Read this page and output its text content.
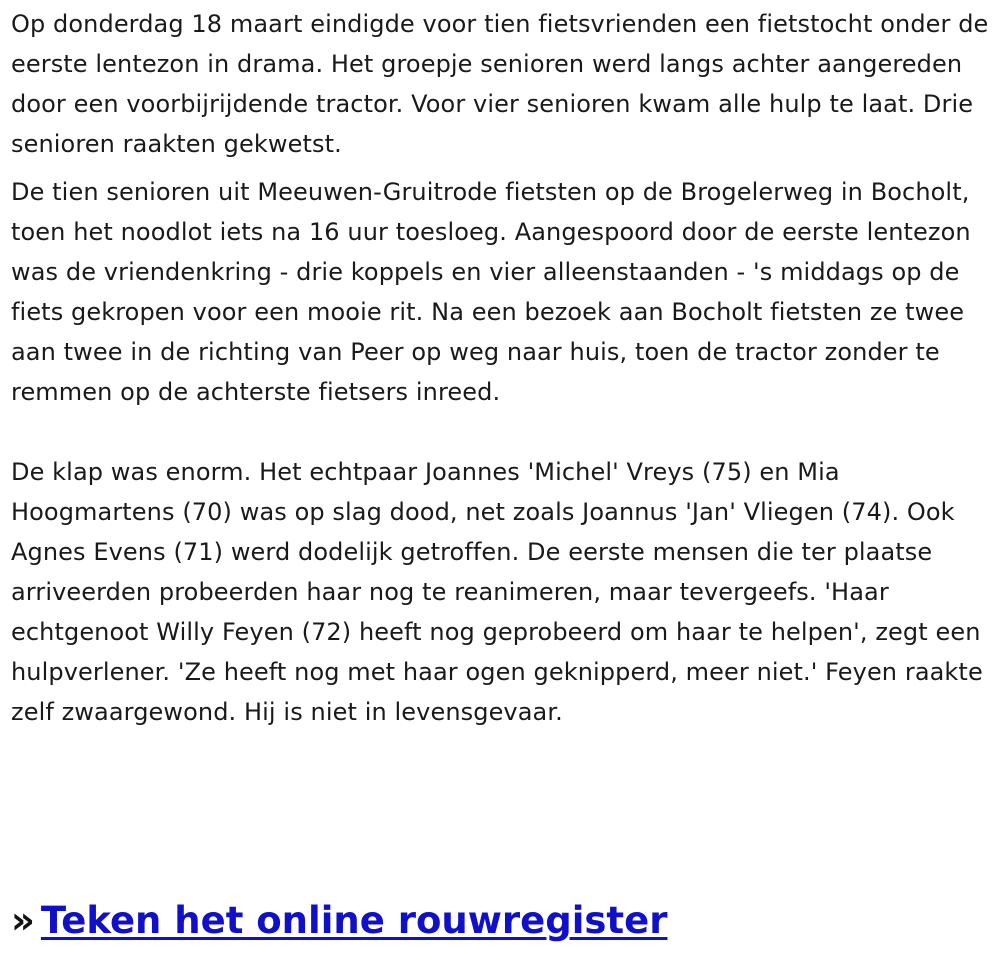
Op donderdag 18 maart eindigde voor tien fietsvrienden een fietstocht onder de eerste lentezon in drama. Het groepje senioren werd langs achter aangereden door een voorbijrijdende tractor. Voor vier senioren kwam alle hulp te laat. Drie senioren raakten gekwetst.

De tien senioren uit Meeuwen-Gruitrode fietsten op de Brogelerweg in Bocholt, toen het noodlot iets na 16 uur toesloeg. Aangespoord door de eerste lentezon was de vriendenkring - drie koppels en vier alleenstaanden - 's middags op de fiets gekropen voor een mooie rit. Na een bezoek aan Bocholt fietsten ze twee aan twee in de richting van Peer op weg naar huis, toen de tractor zonder te remmen op de achterste fietsers inreed.

De klap was enorm. Het echtpaar Joannes 'Michel' Vreys (75) en Mia Hoogmartens (70) was op slag dood, net zoals Joannus 'Jan' Vliegen (74). Ook Agnes Evens (71) werd dodelijk getroffen. De eerste mensen die ter plaatse arriveerden probeerden haar nog te reanimeren, maar tevergeefs. 'Haar echtgenoot Willy Feyen (72) heeft nog geprobeerd om haar te helpen', zegt een hulpverlener. 'Ze heeft nog met haar ogen geknipperd, meer niet.' Feyen raakte zelf zwaargewond. Hij is niet in levensgevaar.

» Teken het online rouwregister
